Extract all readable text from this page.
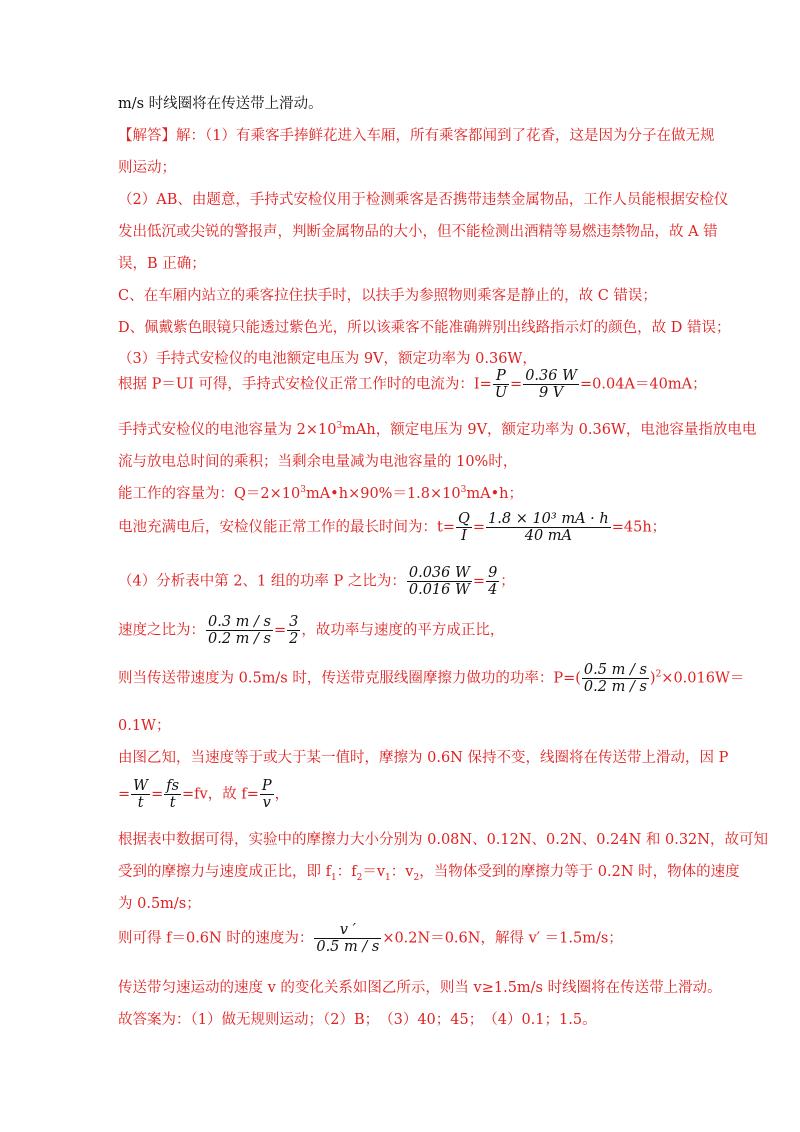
m/s 时线圈将在传送带上滑动。
【解答】解：（1）有乘客手捧鲜花进入车厢，所有乘客都闻到了花香，这是因为分子在做无规
则运动；
（2）AB、由题意，手持式安检仪用于检测乘客是否携带违禁金属物品，工作人员能根据安检仪
发出低沉或尖锐的警报声，判断金属物品的大小，但不能检测出酒精等易燃违禁物品，故 A 错
误，B 正确；
C、在车厢内站立的乘客拉住扶手时，以扶手为参照物则乘客是静止的，故 C 错误；
D、佩戴紫色眼镜只能透过紫色光，所以该乘客不能准确辨别出线路指示灯的颜色，故 D 错误；
（3）手持式安检仪的电池额定电压为 9V，额定功率为 0.36W，
根据 P＝UI 可得，手持式安检仪正常工作时的电流为：$I= \frac{P}{U} = \frac{0.36 W}{9 V} =0.04A=40mA$；
手持式安检仪的电池容量为 $2\times 10^3mAh$，额定电压为 9V，额定功率为 0.36W，电池容量指放电电
流与放电总时间的乘积；当剩余电量减为电池容量的 10%时，
能工作的容量为：$Q=2\times 10^3mA•h\times 90\%=1.8\times 10^3mA•h$；
电池充满电后，安检仪能正常工作的最长时间为：$t= \frac{Q}{I} = \frac{\text{1.8 × 10³ mA · h}}{40 mA} =45h$；
（4）分析表中第 2、1 组的功率 P 之比为： $\frac{0.036 W}{0.016 W} = \frac{9}{4}$ ；
速度之比为： $\frac{0.3 m / s}{0.2 m / s} = \frac{3}{2}$ ，故功率与速度的平方成正比，
则当传送带速度为 0.5m/s 时，传送带克服线圈摩擦力做功的功率：$P=( \frac{0.5 m / s}{0.2 m / s} )^2\times 0.016W=$
0.1W；
由图乙知，当速度等于或大于某一值时，摩擦为 0.6N 保持不变，线圈将在传送带上滑动，因 P
= $\frac{W}{t} = \frac{fs}{t} =fv$，故 $f= \frac{P}{v}$ ，
根据表中数据可得，实验中的摩擦力大小分别为 0.08N、0.12N、0.2N、0.24N 和 0.32N，故可知
受到的摩擦力与速度成正比，即 $f_1$：$f_2=v_1$：$v_2$，当物体受到的摩擦力等于 0.2N 时，物体的速度
为 0.5m/s；
则可得 f＝0.6N 时的速度为： $\frac{v '}{0.5 m / s} \times 0.2N=0.6N$，解得 v′ ＝1.5m/s；
传送带匀速运动的速度 v 的变化关系如图乙所示，则当 v≥1.5m/s 时线圈将在传送带上滑动。
故答案为：（1）做无规则运动；（2）B；　（3）40；45；　（4）0.1；1.5。
